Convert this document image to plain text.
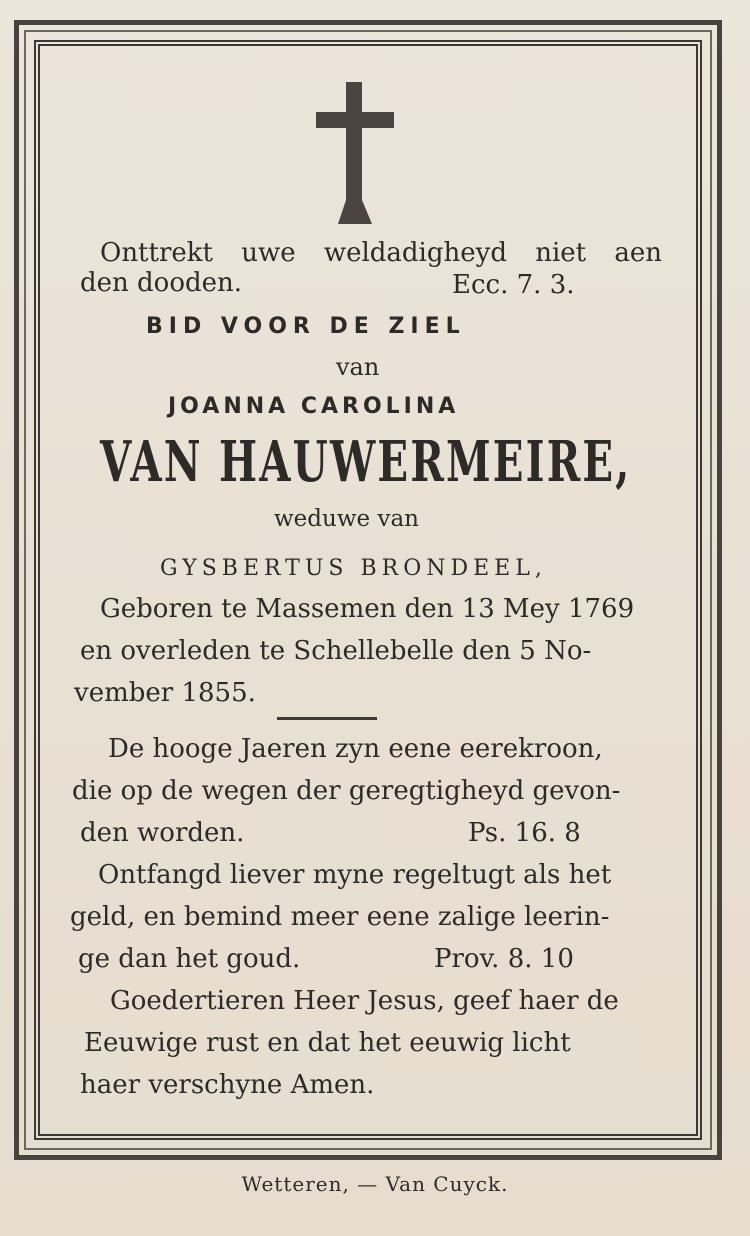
Onttrekt uwe weldadigheyd niet aen
den dooden.	Ecc. 7. 3.
BID VOOR DE ZIEL
van
JOANNA CAROLINA
VAN HAUWERMEIRE,
weduwe van
GYSBERTUS BRONDEEL,
Geboren te Massemen den 13 Mey 1769
en overleden te Schellebelle den 5 No-
vember 1855.
De hooge Jaeren zyn eene eerekroon,
die op de wegen der geregtigheyd gevon-
den worden.	Ps. 16. 8
Ontfangd liever myne regeltugt als het
geld, en bemind meer eene zalige leerin-
ge dan het goud.	Prov. 8. 10
Goedertieren Heer Jesus, geef haer de
Eeuwige rust en dat het eeuwig licht
haer verschyne Amen.
Wetteren, — Van Cuyck.
